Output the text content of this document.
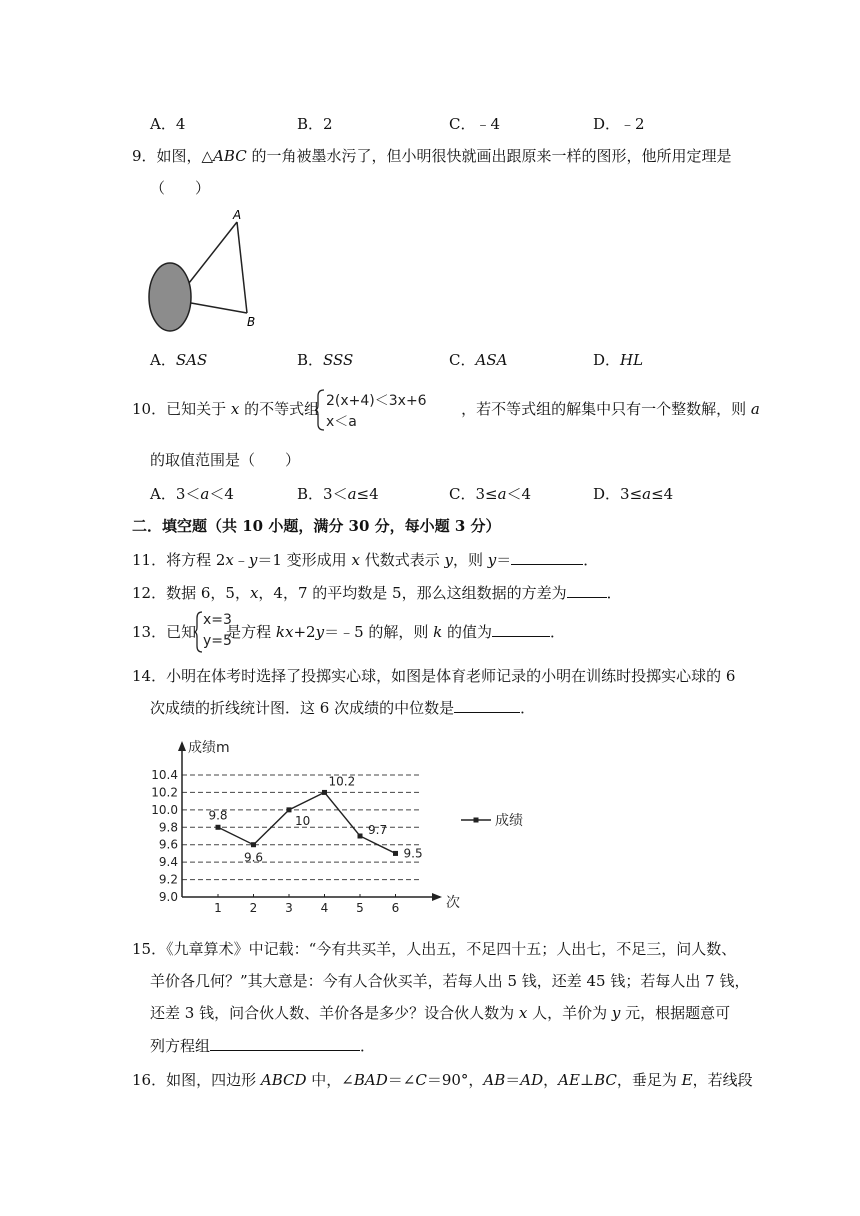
A．4	B．2	C．﹣4	D．﹣2
9．如图，△ABC 的一角被墨水污了，但小明很快就画出跟原来一样的图形，他所用定理是
（　　）
A
B
A．SAS	B．SSS	C．ASA	D．HL
10．已知关于 x 的不等式组	，若不等式组的解集中只有一个整数解，则 a
2(x+4)＜3x+6
x＜a
的取值范围是（　　）
A．3＜a＜4	B．3＜a≤4	C．3≤a＜4	D．3≤a≤4
二．填空题（共 10 小题，满分 30 分，每小题 3 分）
11．将方程 2x﹣y＝1 变形成用 x 代数式表示 y，则 y＝	．
12．数据 6，5，x，4，7 的平均数是 5，那么这组数据的方差为	．
13．已知 是方程 kx+2y＝﹣5 的解，则 k 的值为	．
x=3
y=5
14．小明在体考时选择了投掷实心球，如图是体育老师记录的小明在训练时投掷实心球的 6
次成绩的折线统计图．这 6 次成绩的中位数是	．
9.0
9.2
9.4
9.6
9.8
10.0
10.2
10.4
成绩m
次
1 2 3 4 5 6
9.8
9.6
10
10.2
9.7
9.5
成绩
15．《九章算术》中记载：“今有共买羊，人出五，不足四十五；人出七，不足三，问人数、
羊价各几何？”其大意是：今有人合伙买羊，若每人出 5 钱，还差 45 钱；若每人出 7 钱，
还差 3 钱，问合伙人数、羊价各是多少？设合伙人数为 x 人，羊价为 y 元，根据题意可
列方程组	．
16．如图，四边形 ABCD 中，∠BAD＝∠C＝90°，AB＝AD，AE⊥BC，垂足为 E，若线段
